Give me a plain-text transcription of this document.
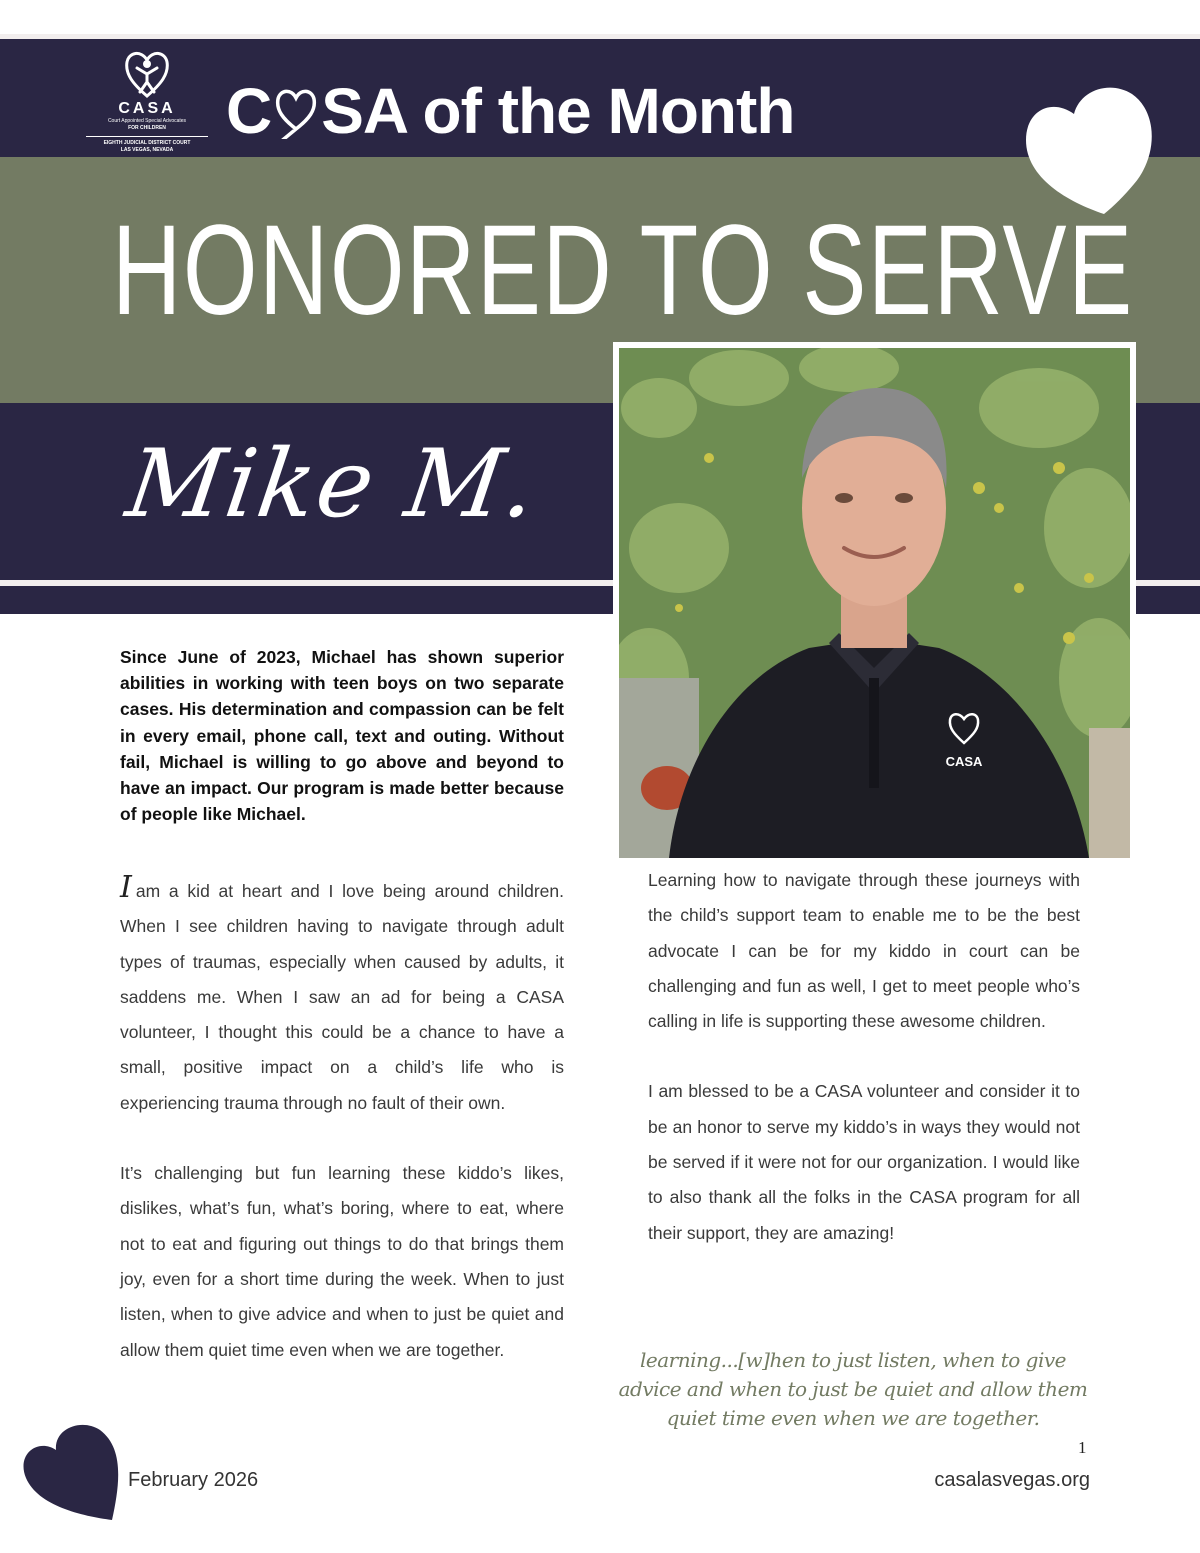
CASA
Court Appointed Special Advocates
FOR CHILDREN
EIGHTH JUDICIAL DISTRICT COURT
LAS VEGAS, NEVADA
C SA of the Month
HONORED TO SERVE
Mike M.
CASA
Since June of 2023, Michael has shown superior abilities in working with teen boys on two separate cases. His determination and compassion can be felt in every email, phone call, text and outing. Without fail, Michael is willing to go above and beyond to have an impact. Our program is made better because of people like Michael.

Iam a kid at heart and I love being around children. When I see children having to navigate through adult types of traumas, especially when caused by adults, it saddens me. When I saw an ad for being a CASA volunteer, I thought this could be a chance to have a small, positive impact on a child’s life who is experiencing trauma through no fault of their own.

It’s challenging but fun learning these kiddo’s likes, dislikes, what’s fun, what’s boring, where to eat, where not to eat and figuring out things to do that brings them joy, even for a short time during the week. When to just listen, when to give advice and when to just be quiet and allow them quiet time even when we are together.

Learning how to navigate through these journeys with the child’s support team to enable me to be the best advocate I can be for my kiddo in court can be challenging and fun as well, I get to meet people who’s calling in life is supporting these awesome children.

I am blessed to be a CASA volunteer and consider it to be an honor to serve my kiddo’s in ways they would not be served if it were not for our organization. I would like to also thank all the folks in the CASA program for all their support, they are amazing!

learning...[w]hen to just listen, when to give advice and when to just be quiet and allow them quiet time even when we are together.

1
February 2026	casalasvegas.org
